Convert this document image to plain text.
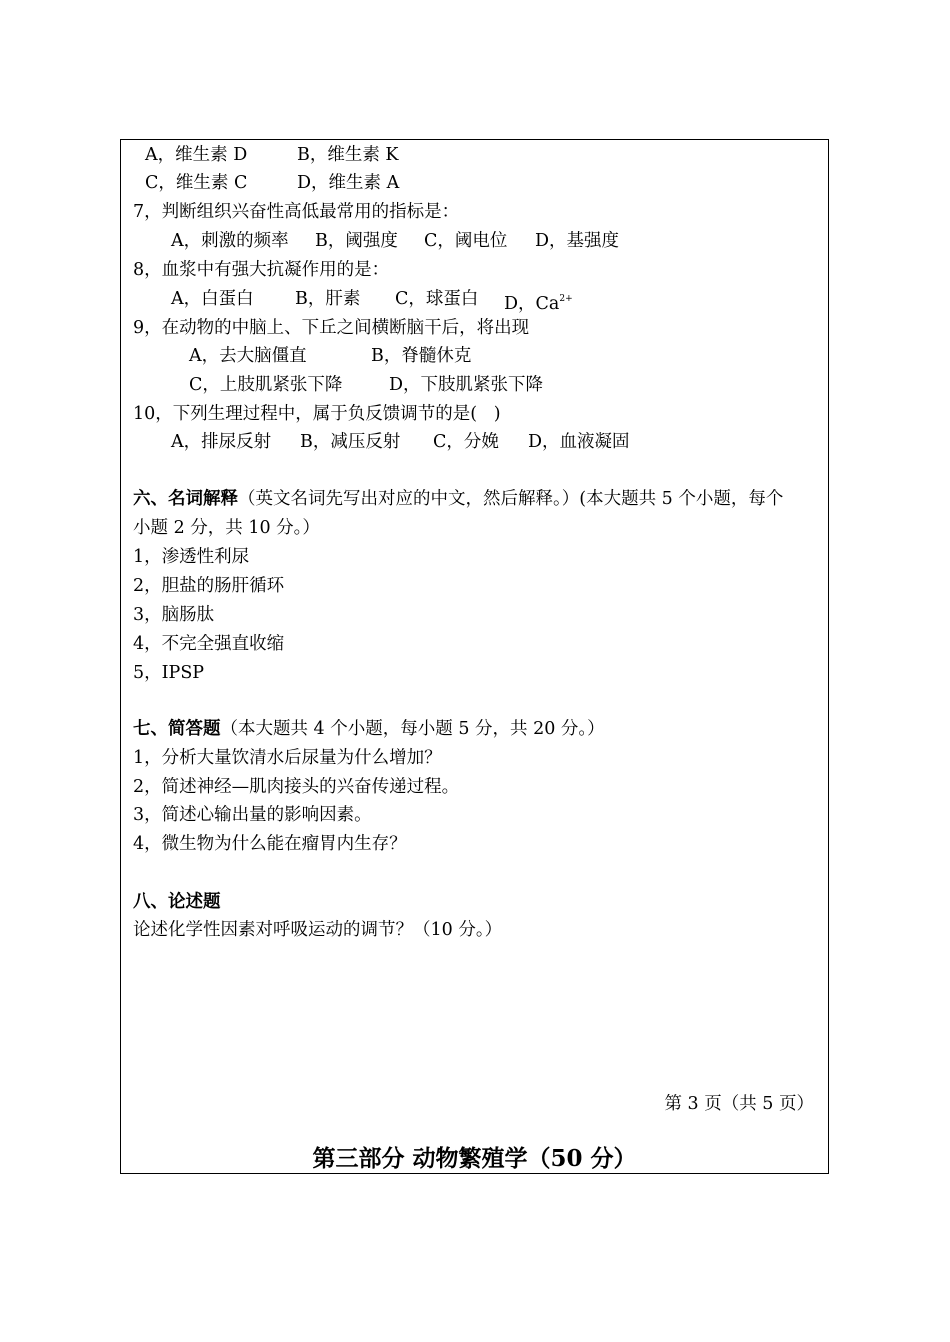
A，维生素 D

	B，维生素 K

C，维生素 C

	D，维生素 A

7，判断组织兴奋性高低最常用的指标是：

A，刺激的频率

B，阈强度

C，阈电位

D，基强度

8，血浆中有强大抗凝作用的是：

A，白蛋白

B，肝素

C，球蛋白

D，$Ca^{2+}$

9，在动物的中脑上、下丘之间横断脑干后，将出现

A，去大脑僵直

	B，脊髓休克

C，上肢肌紧张下降

	D，下肢肌紧张下降

10，下列生理过程中，属于负反馈调节的是(   )

A，排尿反射

B，减压反射

C，分娩

D，血液凝固

六、名词解释（英文名词先写出对应的中文，然后解释。）(本大题共 5 个小题，每个
小题 2 分，共 10 分。）
1，渗透性利尿
2，胆盐的肠肝循环
3，脑肠肽
4，不完全强直收缩
5，IPSP
七、简答题（本大题共 4 个小题，每小题 5 分，共 20 分。）
1，分析大量饮清水后尿量为什么增加？
2，简述神经—肌肉接头的兴奋传递过程。
3，简述心输出量的影响因素。
4，微生物为什么能在瘤胃内生存？
八、论述题
论述化学性因素对呼吸运动的调节？（10 分。）
第 3 页（共 5 页）
第三部分 动物繁殖学（50 分）
